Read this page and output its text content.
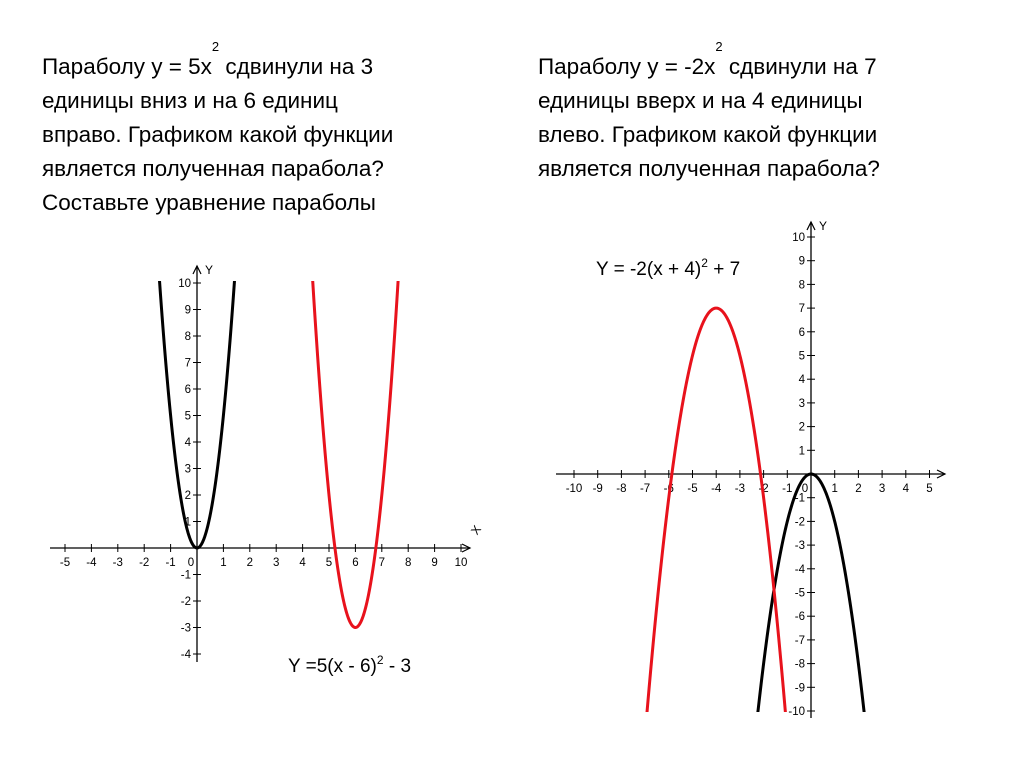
Параболу $y = 5x^2$ сдвинули на 3
единицы вниз и на 6 единиц
вправо. Графиком какой функции
является полученная парабола?
Составьте уравнение параболы
Параболу $y = -2x^2$ сдвинули на 7
единицы вверх и на 4 единицы
влево. Графиком какой функции
является полученная парабола?
X
Y
-5 -4 -3 -2 -1 0 1 2 3 4 5 6 7 8 9 10
-4
-3
-2
-1
1
2
3
4
5
6
7
8
9
10
Y =5(x - 6)$^2$ - 3
Y
-10 -9 -8 -7 -6 -5 -4 -3 -2 -1 0 1 2 3 4 5
-10
-9
-8
-7
-6
-5
-4
-3
-2
-1
1
2
3
4
5
6
7
8
9
10
$Y = -2(x + 4)^2 + 7$
